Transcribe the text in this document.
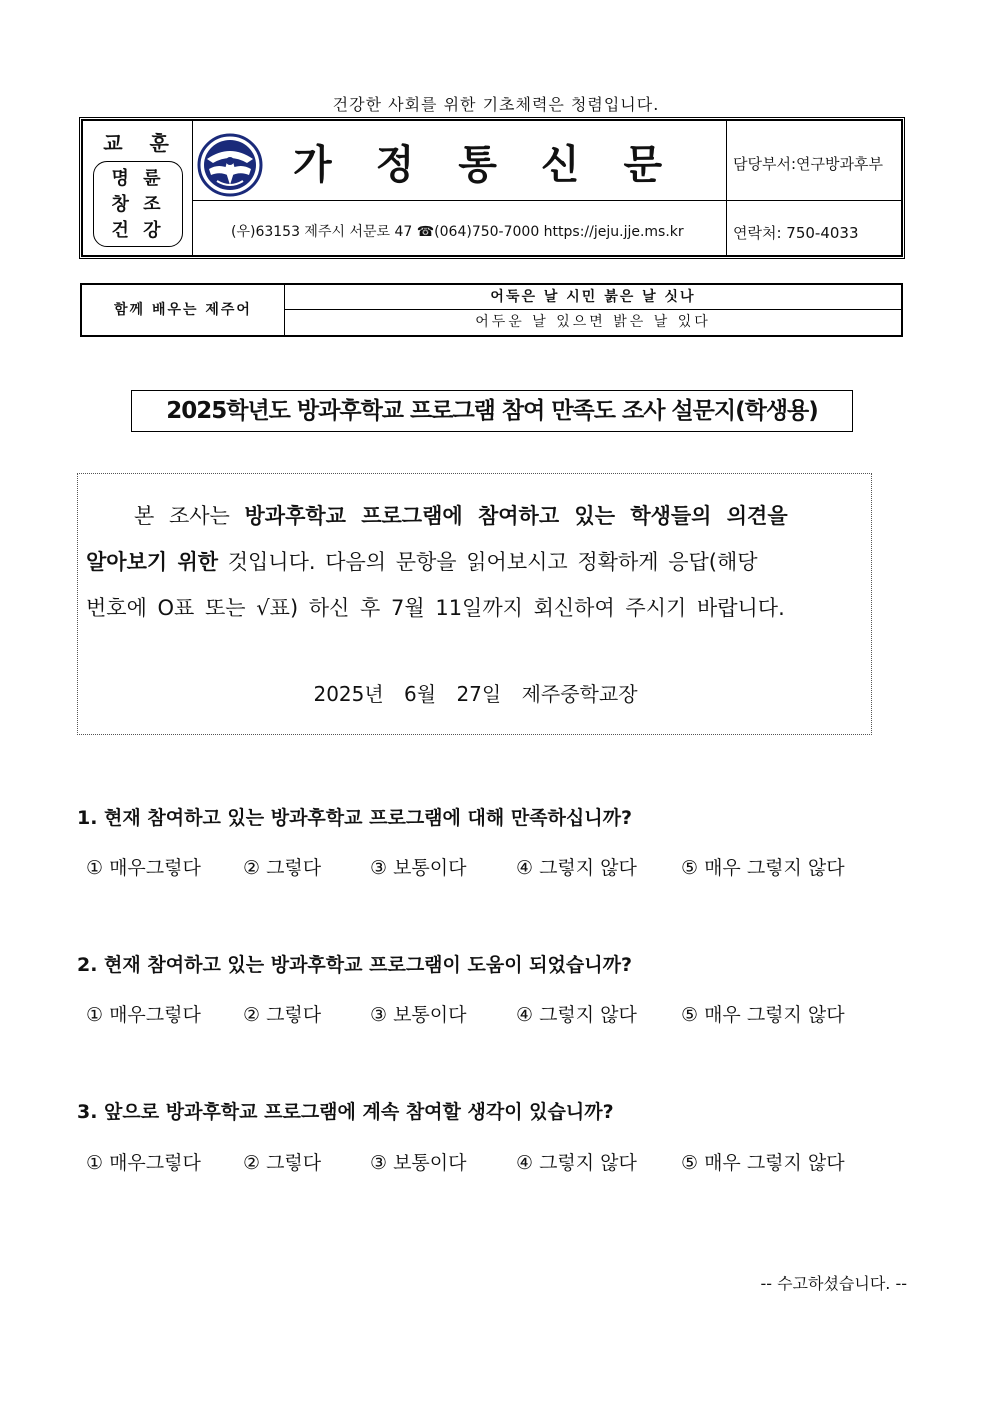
건강한 사회를 위한 기초체력은 청렴입니다.
교 훈
명 륜
창 조
건 강
가정통신문
(우)63153 제주시 서문로 47 ☎(064)750-7000 https://jeju.jje.ms.kr
담당부서:연구방과후부
연락처: 750-4033
함께 배우는 제주어
어둑은 날 시민 붉은 날 싯나
어두운 날 있으면 밝은 날 있다
2025학년도 방과후학교 프로그램 참여 만족도 조사 설문지(학생용)

본 조사는 방과후학교 프로그램에 참여하고 있는 학생들의 의견을

알아보기 위한 것입니다. 다음의 문항을 읽어보시고 정확하게 응답(해당

번호에 O표 또는 √표) 하신 후 7월 11일까지 회신하여 주시기 바랍니다.

2025년 6월 27일 제주중학교장
1. 현재 참여하고 있는 방과후학교 프로그램에 대해 만족하십니까?
① 매우그렇다 ② 그렇다	③ 보통이다	④ 그렇지 않다 ⑤ 매우 그렇지 않다
2. 현재 참여하고 있는 방과후학교 프로그램이 도움이 되었습니까?
① 매우그렇다 ② 그렇다	③ 보통이다	④ 그렇지 않다 ⑤ 매우 그렇지 않다
3. 앞으로 방과후학교 프로그램에 계속 참여할 생각이 있습니까?
① 매우그렇다 ② 그렇다	③ 보통이다	④ 그렇지 않다 ⑤ 매우 그렇지 않다
-- 수고하셨습니다. --
